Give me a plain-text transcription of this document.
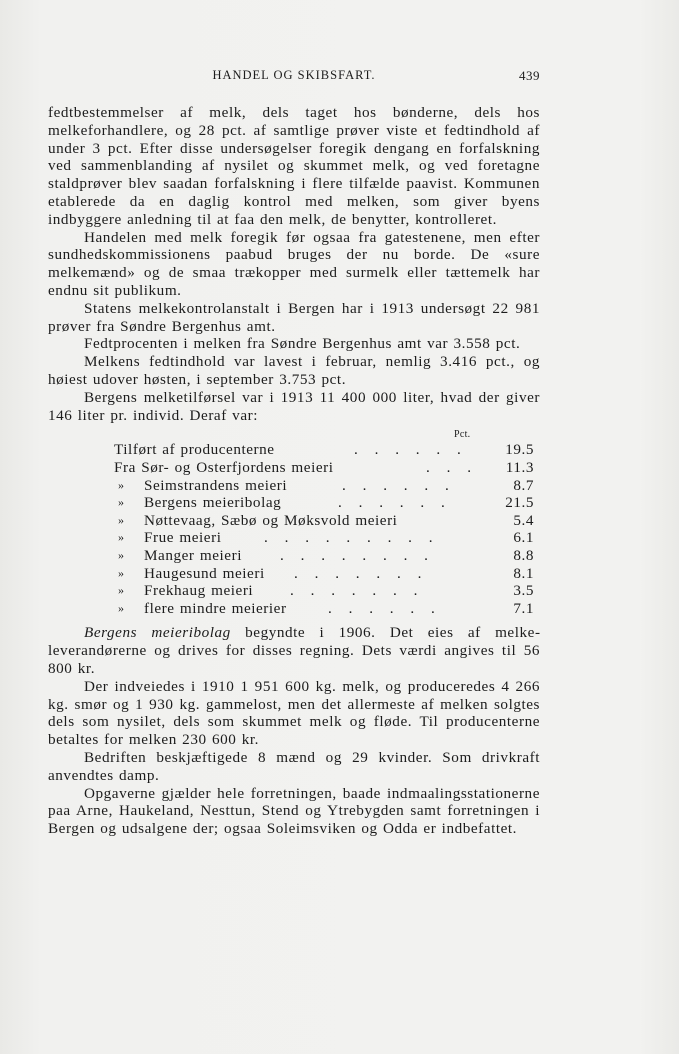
HANDEL OG SKIBSFART.	439

fedtbestemmelser af melk, dels taget hos bønderne, dels hos melkeforhandlere, og 28 pct. af samtlige prøver viste et fedtindhold af under 3 pct. Efter disse undersøgelser foregik dengang en forfalskning ved sammenblanding af nysilet og skummet melk, og ved foretagne staldprøver blev saadan forfalskning i flere tilfælde paavist. Kommunen etablerede da en daglig kontrol med melken, som giver byens indbyggere anledning til at faa den melk, de benytter, kontrolleret.

Handelen med melk foregik før ogsaa fra gatestenene, men efter sundhedskommissionens paabud bruges der nu borde. De «sure melkemænd» og de smaa trækopper med surmelk eller tættemelk har endnu sit publikum.

Statens melkekontrolanstalt i Bergen har i 1913 undersøgt 22 981 prøver fra Søndre Bergenhus amt.

Fedtprocenten i melken fra Søndre Bergenhus amt var 3.558 pct.

Melkens fedtindhold var lavest i februar, nemlig 3.416 pct., og høiest udover høsten, i september 3.753 pct.

Bergens melketilførsel var i 1913 11 400 000 liter, hvad der giver 146 liter pr. individ. Deraf var:

Pct.
Tilført af producenterne	. . . . . .	19.5
Fra Sør- og Osterfjordens meieri	. . . 11.3
» Seimstrandens meieri	. . . . . .	8.7
» Bergens meieribolag	. . . . . .	21.5
» Nøttevaag, Sæbø og Møksvold meieri	5.4
» Frue meieri	. . . . . . . . .	6.1
» Manger meieri	. . . . . . . .	8.8
» Haugesund meieri . . . . . . .	8.1
» Frekhaug meieri . . . . . . .	3.5
» flere mindre meierier	. . . . . .	7.1

Bergens meieribolag begyndte i 1906. Det eies af melkeleverandørerne og drives for disses regning. Dets værdi angives til 56 800 kr.

Der indveiedes i 1910 1 951 600 kg. melk, og produceredes 4 266 kg. smør og 1 930 kg. gammelost, men det allermeste af melken solgtes dels som nysilet, dels som skummet melk og fløde. Til producenterne betaltes for melken 230 600 kr.

Bedriften beskjæftigede 8 mænd og 29 kvinder. Som drivkraft anvendtes damp.

Opgaverne gjælder hele forretningen, baade indmaalingsstationerne paa Arne, Haukeland, Nesttun, Stend og Ytrebygden samt forretningen i Bergen og udsalgene der; ogsaa Soleimsviken og Odda er indbefattet.
